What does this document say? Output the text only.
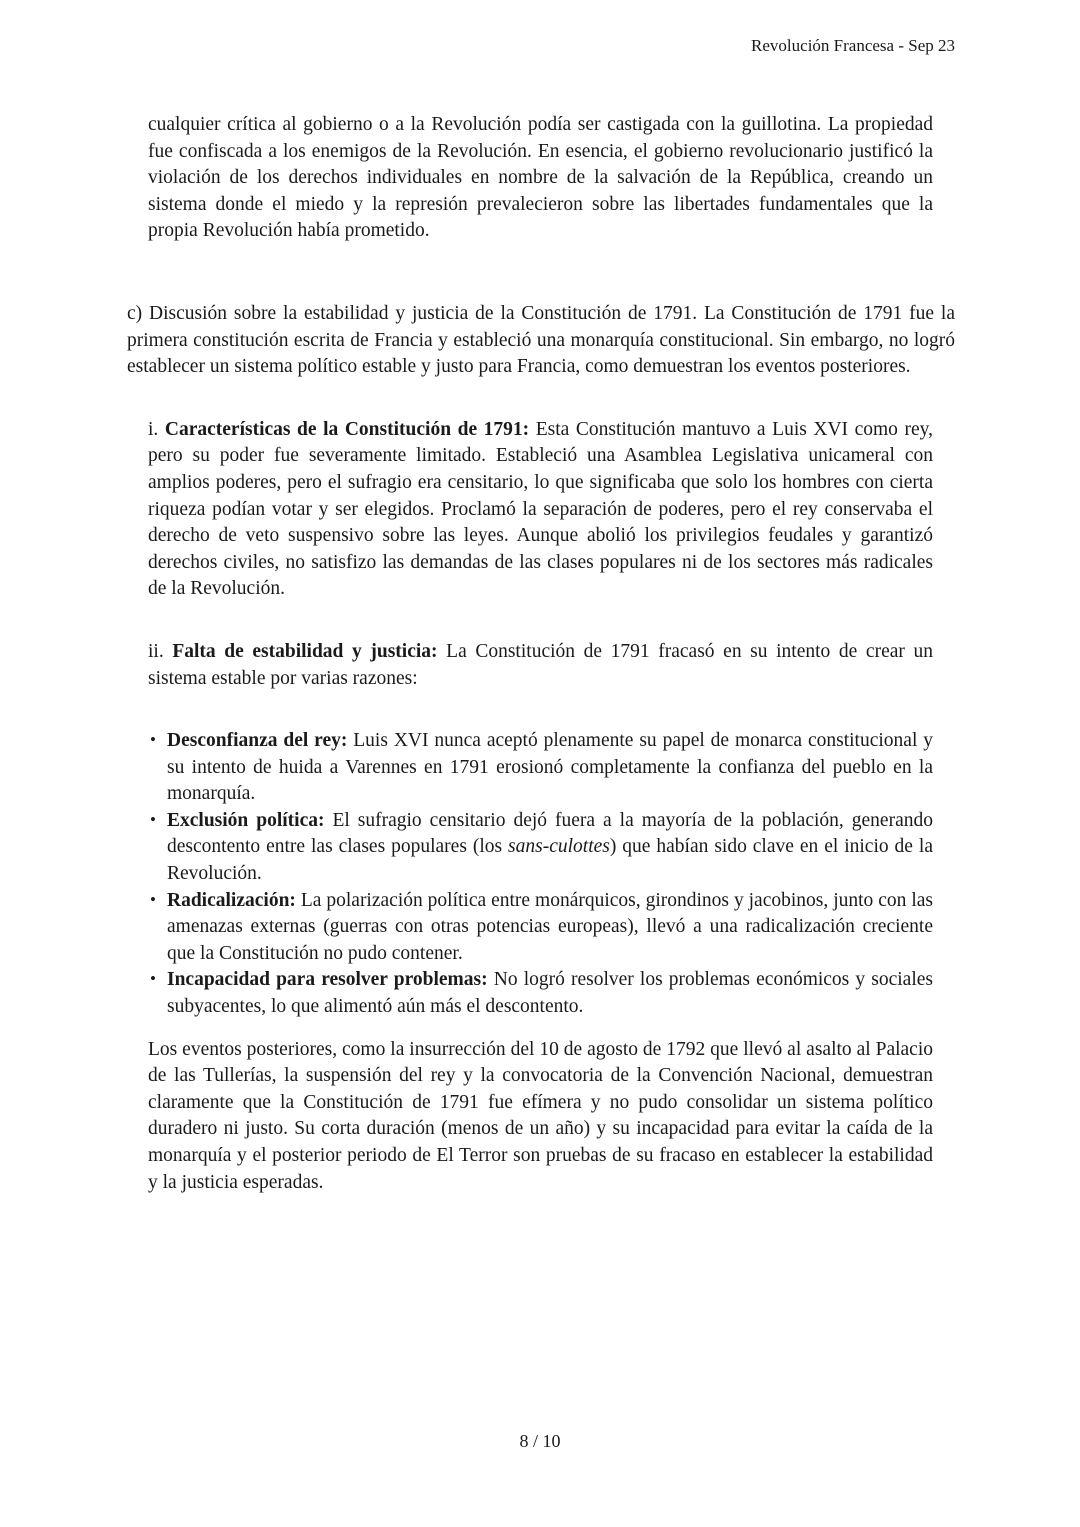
Revolución Francesa - Sep 23

cualquier crítica al gobierno o a la Revolución podía ser castigada con la guillotina. La propiedad fue confiscada a los enemigos de la Revolución. En esencia, el gobierno revolucionario justificó la violación de los derechos individuales en nombre de la salvación de la República, creando un sistema donde el miedo y la represión prevalecieron sobre las libertades fundamentales que la propia Revolución había prometido.

c) Discusión sobre la estabilidad y justicia de la Constitución de 1791. La Constitución de 1791 fue la primera constitución escrita de Francia y estableció una monarquía constitucional. Sin embargo, no logró establecer un sistema político estable y justo para Francia, como demuestran los eventos posteriores.

i. Características de la Constitución de 1791: Esta Constitución mantuvo a Luis XVI como rey, pero su poder fue severamente limitado. Estableció una Asamblea Legislativa unicameral con amplios poderes, pero el sufragio era censitario, lo que significaba que solo los hombres con cierta riqueza podían votar y ser elegidos. Proclamó la separación de poderes, pero el rey conservaba el derecho de veto suspensivo sobre las leyes. Aunque abolió los privilegios feudales y garantizó derechos civiles, no satisfizo las demandas de las clases populares ni de los sectores más radicales de la Revolución.

ii. Falta de estabilidad y justicia: La Constitución de 1791 fracasó en su intento de crear un sistema estable por varias razones:

• Desconfianza del rey: Luis XVI nunca aceptó plenamente su papel de monarca constitucional y su intento de huida a Varennes en 1791 erosionó completamente la confianza del pueblo en la monarquía.
• Exclusión política: El sufragio censitario dejó fuera a la mayoría de la población, generando descontento entre las clases populares (los sans-culottes) que habían sido clave en el inicio de la Revolución.
• Radicalización: La polarización política entre monárquicos, girondinos y jacobinos, junto con las amenazas externas (guerras con otras potencias europeas), llevó a una radicalización creciente que la Constitución no pudo contener.
• Incapacidad para resolver problemas: No logró resolver los problemas económicos y sociales subyacentes, lo que alimentó aún más el descontento.

Los eventos posteriores, como la insurrección del 10 de agosto de 1792 que llevó al asalto al Palacio de las Tullerías, la suspensión del rey y la convocatoria de la Convención Nacional, demuestran claramente que la Constitución de 1791 fue efímera y no pudo consolidar un sistema político duradero ni justo. Su corta duración (menos de un año) y su incapacidad para evitar la caída de la monarquía y el posterior periodo de El Terror son pruebas de su fracaso en establecer la estabilidad y la justicia esperadas.

8 / 10
